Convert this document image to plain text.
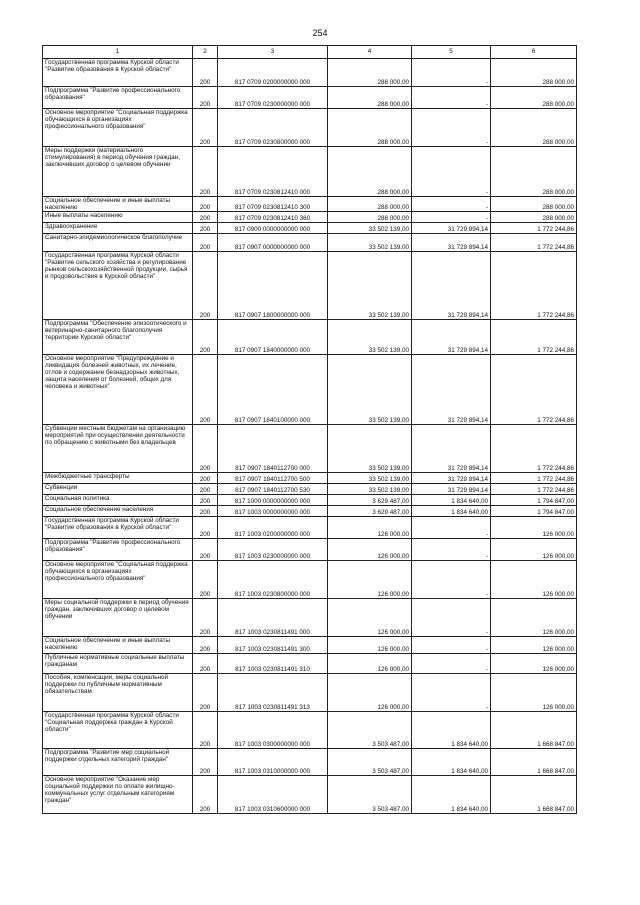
254
1	2	3	4	5	6
Государственная программа Курской области "Развитие образования в Курской области"	200	817 0709 0200000000 000	288 000,00	-	288 000,00
Подпрограмма "Развитие профессионального образования"	200	817 0709 0230000000 000	288 000,00	-	288 000,00
Основное мероприятие "Социальная поддержка обучающихся в организациях профессионального образования"	200	817 0709 0230800000 000	288 000,00	-	288 000,00
Меры поддержки (материального стимулирования) в период обучения граждан, заключивших договор о целевом обучении	200	817 0709 0230812410 000	288 000,00	-	288 000,00
Социальное обеспечение и иные выплаты населению	200	817 0709 0230812410 300	288 000,00	-	288 000,00
Иные выплаты населению	200	817 0709 0230812410 360	288 000,00	-	288 000,00
Здравоохранение	200	817 0900 0000000000 000	33 502 139,00	31 729 894,14	1 772 244,86
Санитарно-эпидемиологическое благополучие	200	817 0907 0000000000 000	33 502 139,00	31 729 894,14	1 772 244,86
Государственная программа Курской области "Развитие сельского хозяйства и регулирование рынков сельскохозяйственной продукции, сырья и продовольствия в Курской области"	200	817 0907 1800000000 000	33 502 139,00	31 729 894,14	1 772 244,86
Подпрограмма "Обеспечение эпизоотического и ветеринарно-санитарного благополучия территории Курской области"	200	817 0907 1840000000 000	33 502 139,00	31 729 894,14	1 772 244,86
Основное мероприятие "Предупреждение и ликвидация болезней животных, их лечение, отлов и содержание безнадзорных животных, защита населения от болезней, общих для человека и животных"	200	817 0907 1840100000 000	33 502 139,00	31 729 894,14	1 772 244,86
Субвенции местным бюджетам на организацию мероприятий при осуществлении деятельности по обращению с животными без владельцев	200	817 0907 1840112700 000	33 502 139,00	31 729 894,14	1 772 244,86
Межбюджетные трансферты	200	817 0907 1840112700 500	33 502 139,00	31 729 894,14	1 772 244,86
Субвенции	200	817 0907 1840112700 530	33 502 139,00	31 729 894,14	1 772 244,86
Социальная политика	200	817 1000 0000000000 000	3 629 487,00	1 834 640,00	1 794 847,00
Социальное обеспечение населения	200	817 1003 0000000000 000	3 629 487,00	1 834 640,00	1 794 847,00
Государственная программа Курской области "Развитие образования в Курской области"	200	817 1003 0200000000 000	126 000,00	-	126 000,00
Подпрограмма "Развитие профессионального образования"	200	817 1003 0230000000 000	126 000,00	-	126 000,00
Основное мероприятие "Социальная поддержка обучающихся в организациях профессионального образования"	200	817 1003 0230800000 000	126 000,00	-	126 000,00
Меры социальной поддержки в период обучения граждан, заключивших договор о целевом обучении	200	817 1003 0230811491 000	126 000,00	-	126 000,00
Социальное обеспечение и иные выплаты населению	200	817 1003 0230811491 300	126 000,00	-	126 000,00
Публичные нормативные социальные выплаты гражданам	200	817 1003 0230811491 310	126 000,00	-	126 000,00
Пособия, компенсации, меры социальной поддержки по публичным нормативным обязательствам	200	817 1003 0230811491 313	126 000,00	-	126 000,00
Государственная программа Курской области "Социальная поддержка граждан в Курской области"	200	817 1003 0300000000 000	3 503 487,00	1 834 640,00	1 668 847,00
Подпрограмма "Развитие мер социальной поддержки отдельных категорий граждан"	200	817 1003 0310000000 000	3 503 487,00	1 834 640,00	1 668 847,00
Основное мероприятие "Оказание мер социальной поддержки по оплате жилищно-коммунальных услуг отдельным категориям граждан"	200	817 1003 0310600000 000	3 503 487,00	1 834 640,00	1 668 847,00
